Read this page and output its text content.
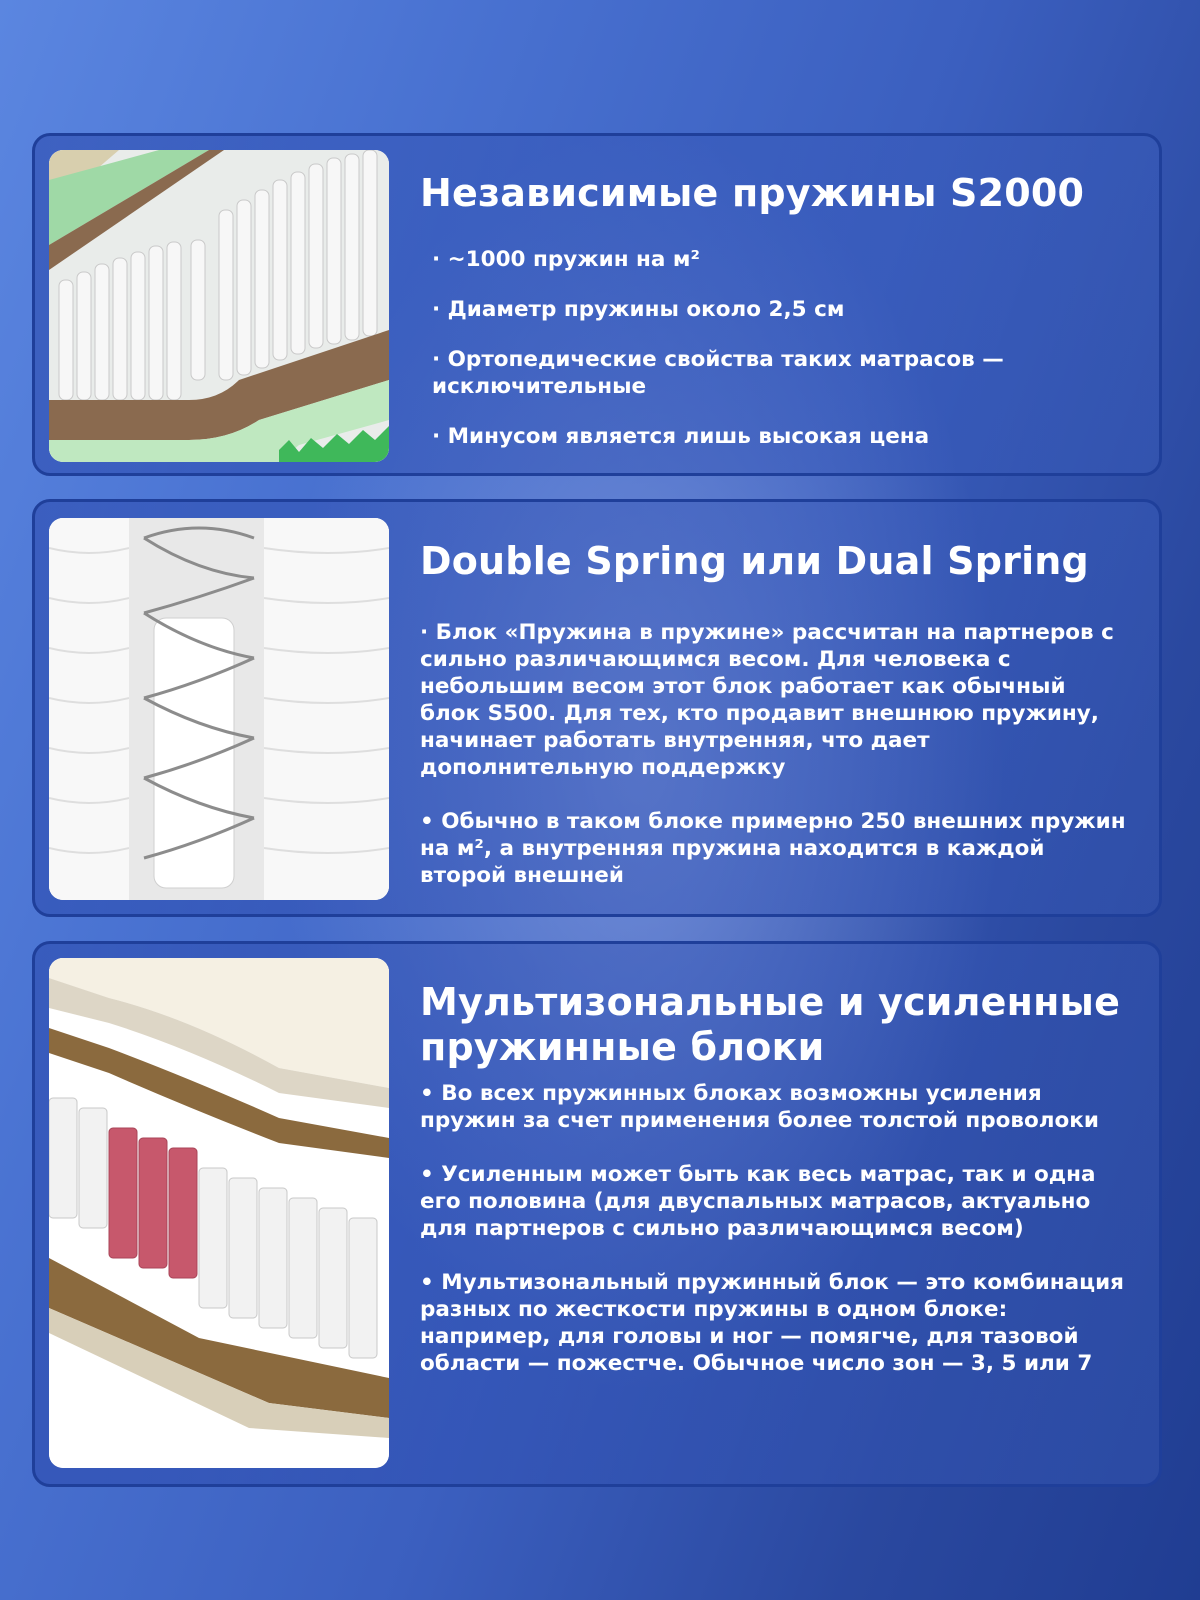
Независимые пружины S2000
· ~1000 пружин на м²
· Диаметр пружины около 2,5 см
· Ортопедические свойства таких матрасов — исключительные
· Минусом является лишь высокая цена
Double Spring или Dual Spring
· Блок «Пружина в пружине» рассчитан на партнеров с сильно различающимся весом. Для человека с небольшим весом этот блок работает как обычный блок S500. Для тех, кто продавит внешнюю пружину, начинает работать внутренняя, что дает дополнительную поддержку
• Обычно в таком блоке примерно 250 внешних пружин на м², а внутренняя пружина находится в каждой второй внешней
Мультизональные и усиленные пружинные блоки
• Во всех пружинных блоках возможны усиления пружин за счет применения более толстой проволоки
• Усиленным может быть как весь матрас, так и одна его половина (для двуспальных матрасов, актуально для партнеров с сильно различающимся весом)
• Мультизональный пружинный блок — это комбинация разных по жесткости пружины в одном блоке: например, для головы и ног — помягче, для тазовой области — пожестче. Обычное число зон — 3, 5 или 7
